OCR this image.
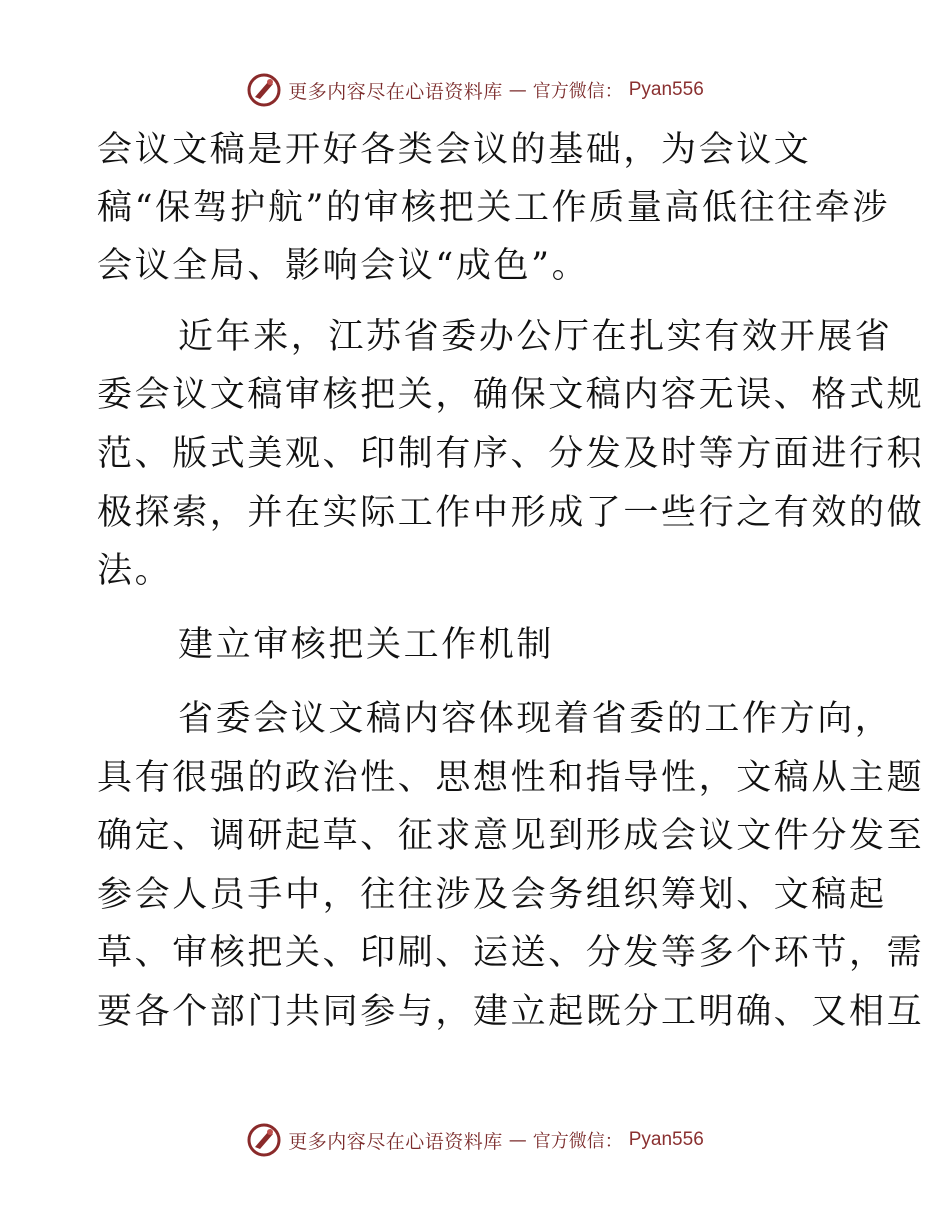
更多内容尽在心语资料库 — 官方微信： Pyan556
会议文稿是开好各类会议的基础，为会议文
稿“保驾护航”的审核把关工作质量高低往往牵涉
会议全局、影响会议“成色”。
近年来，江苏省委办公厅在扎实有效开展省
委会议文稿审核把关，确保文稿内容无误、格式规
范、版式美观、印制有序、分发及时等方面进行积
极探索，并在实际工作中形成了一些行之有效的做
法。
建立审核把关工作机制
省委会议文稿内容体现着省委的工作方向，
具有很强的政治性、思想性和指导性，文稿从主题
确定、调研起草、征求意见到形成会议文件分发至
参会人员手中，往往涉及会务组织筹划、文稿起
草、审核把关、印刷、运送、分发等多个环节，需
要各个部门共同参与，建立起既分工明确、又相互
更多内容尽在心语资料库 — 官方微信： Pyan556
